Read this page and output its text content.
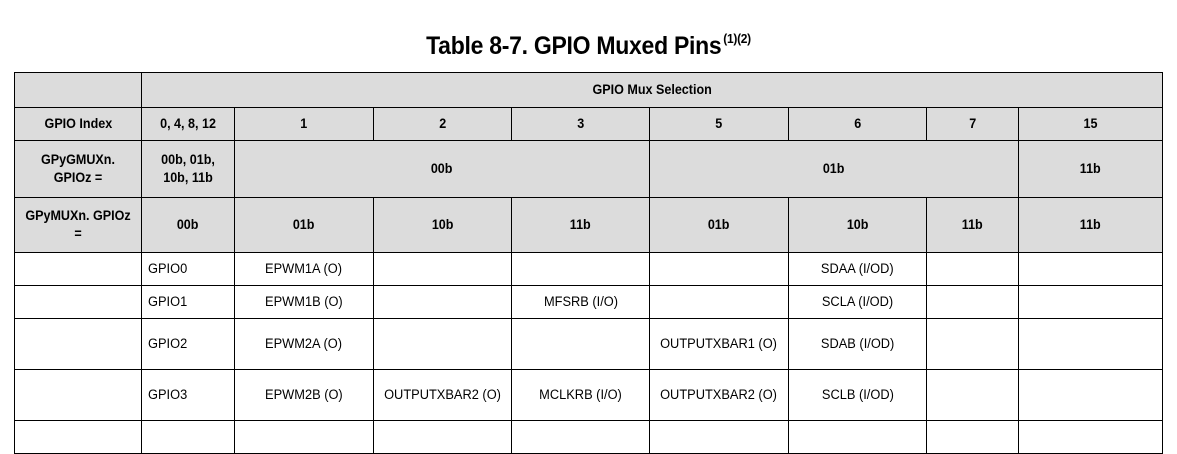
Table 8-7. GPIO Muxed Pins $^{(1)(2)}$
	GPIO Mux Selection							
GPIO Index	0, 4, 8, 12	1	2	3	5	6	7	15
GPyGMUXn. GPIOz =	00b, 01b, 10b, 11b	00b			01b			11b
GPyMUXn. GPIOz =	00b	01b	10b	11b	01b	10b	11b	11b
	GPIO0	EPWM1A (O)				SDAA (I/OD)		
	GPIO1	EPWM1B (O)		MFSRB (I/O)		SCLA (I/OD)		
	GPIO2	EPWM2A (O)			OUTPUTXBAR1 (O)	SDAB (I/OD)		
	GPIO3	EPWM2B (O)	OUTPUTXBAR2 (O)	MCLKRB (I/O)	OUTPUTXBAR2 (O)	SCLB (I/OD)		
